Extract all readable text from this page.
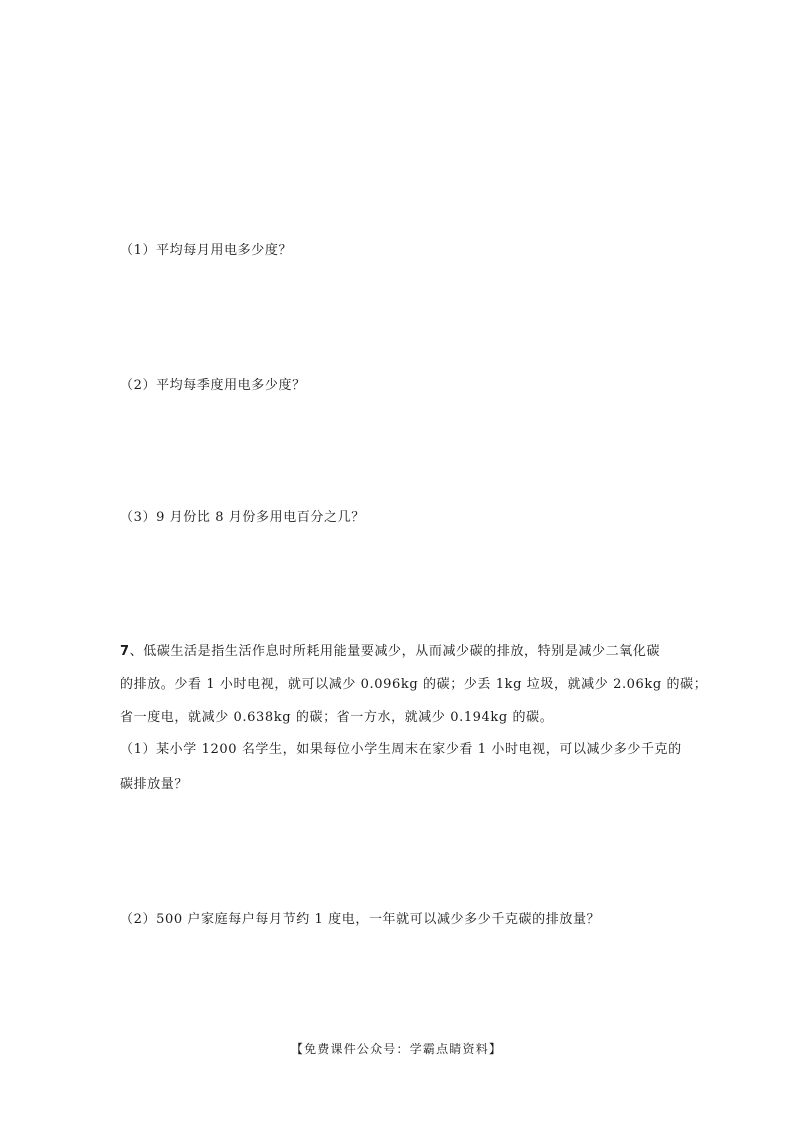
（1）平均每月用电多少度？
（2）平均每季度用电多少度？
（3）9 月份比 8 月份多用电百分之几？
7、低碳生活是指生活作息时所耗用能量要减少，从而减少碳的排放，特别是减少二氧化碳
的排放。少看 1 小时电视，就可以减少 0.096kg 的碳；少丢 1kg 垃圾，就减少 2.06kg 的碳；
省一度电，就减少 0.638kg 的碳；省一方水，就减少 0.194kg 的碳。
（1）某小学 1200 名学生，如果每位小学生周末在家少看 1 小时电视，可以减少多少千克的
碳排放量？
（2）500 户家庭每户每月节约 1 度电，一年就可以减少多少千克碳的排放量？
【免费课件公众号：学霸点睛资料】
